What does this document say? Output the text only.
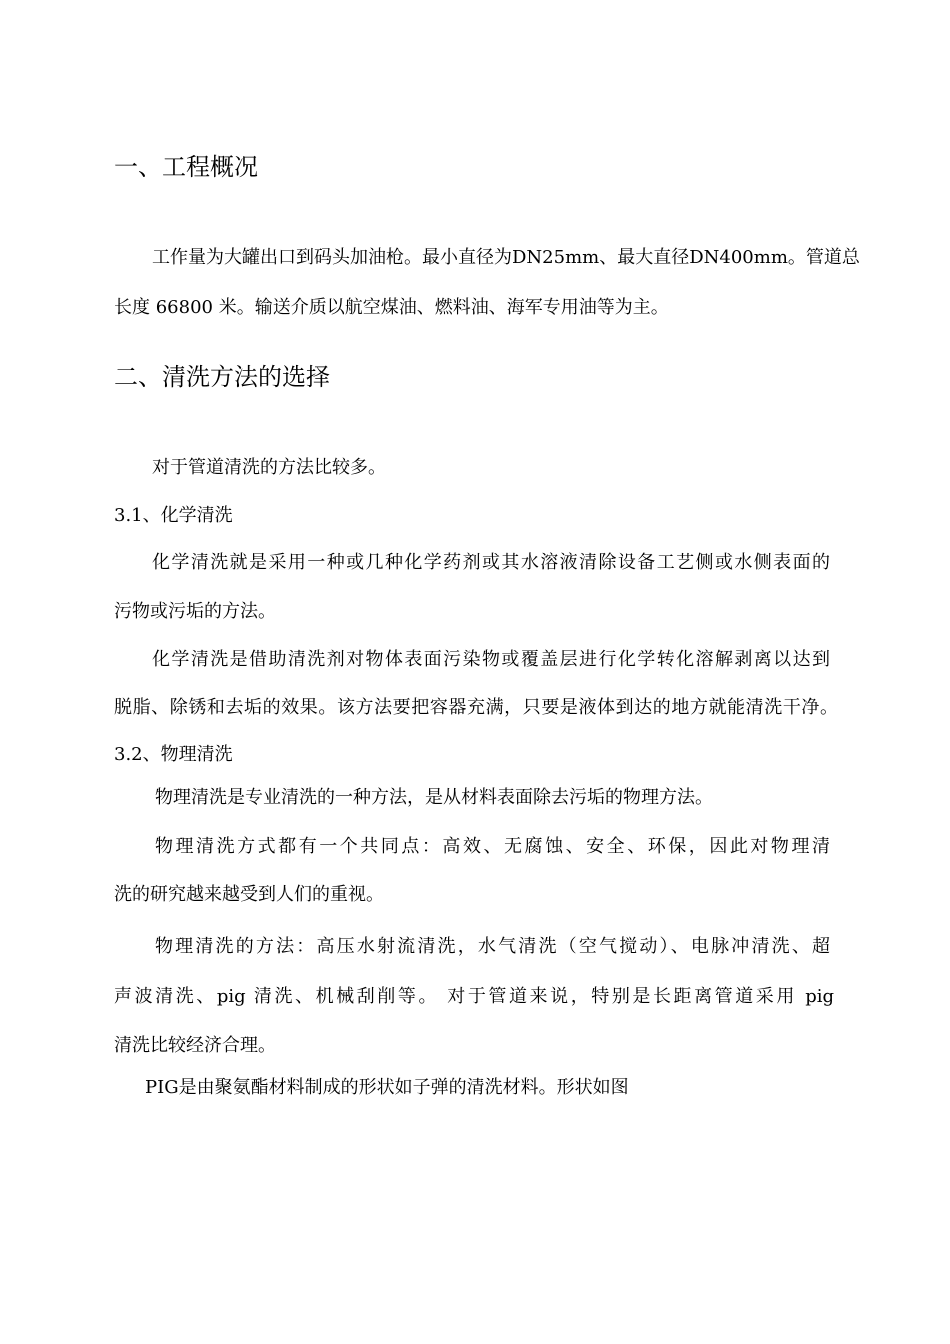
一、工程概况
工作量为大罐出口到码头加油枪。最小直径为DN25mm、最大直径DN400mm。管道总
长度 66800 米。输送介质以航空煤油、燃料油、海军专用油等为主。
二、清洗方法的选择
对于管道清洗的方法比较多。
3.1、化学清洗
化学清洗就是采用一种或几种化学药剂或其水溶液清除设备工艺侧或水侧表面的
污物或污垢的方法。
化学清洗是借助清洗剂对物体表面污染物或覆盖层进行化学转化溶解剥离以达到
脱脂、除锈和去垢的效果。该方法要把容器充满，只要是液体到达的地方就能清洗干净。
3.2、物理清洗
物理清洗是专业清洗的一种方法，是从材料表面除去污垢的物理方法。
物理清洗方式都有一个共同点：高效、无腐蚀、安全、环保，因此对物理清
洗的研究越来越受到人们的重视。
物理清洗的方法：高压水射流清洗，水气清洗（空气搅动）、电脉冲清洗、超
声波清洗、pig 清洗、机械刮削等。 对于管道来说，特别是长距离管道采用 pig
清洗比较经济合理。
PIG是由聚氨酯材料制成的形状如子弹的清洗材料。形状如图
